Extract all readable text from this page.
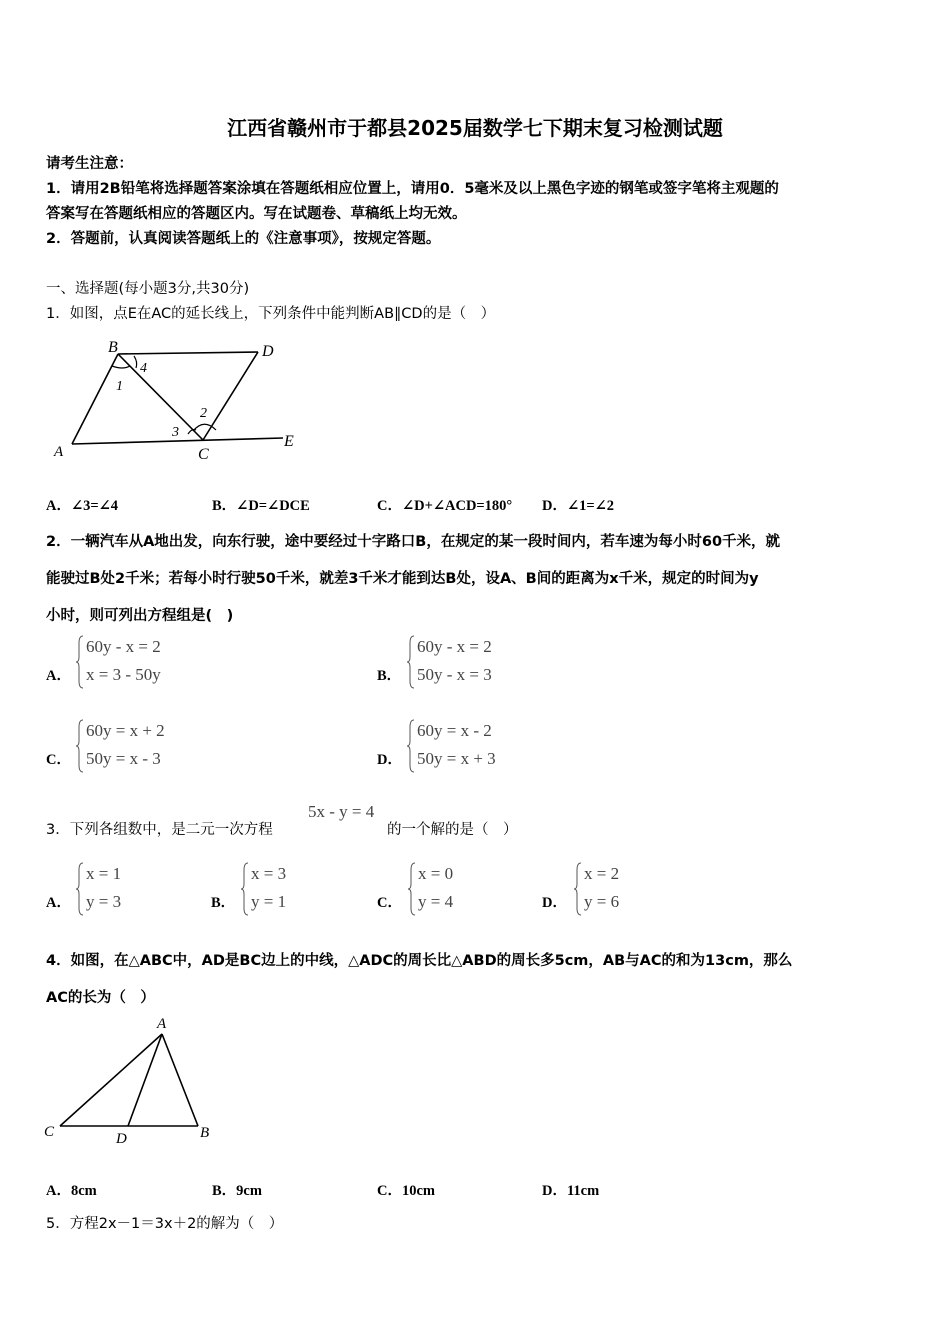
江西省赣州市于都县2025届数学七下期末复习检测试题
请考生注意：
1．请用2B铅笔将选择题答案涂填在答题纸相应位置上，请用0．5毫米及以上黑色字迹的钢笔或签字笔将主观题的
答案写在答题纸相应的答题区内。写在试题卷、草稿纸上均无效。
2．答题前，认真阅读答题纸上的《注意事项》，按规定答题。
一、选择题(每小题3分,共30分)
1．如图，点E在AC的延长线上，下列条件中能判断AB∥CD的是（　）
B	D
A	C
E
1
2
3
4
A．∠3=∠4	B．∠D=∠DCE	C．∠D+∠ACD=180° D．∠1=∠2
2．一辆汽车从A地出发，向东行驶，途中要经过十字路口B，在规定的某一段时间内，若车速为每小时60千米，就
能驶过B处2千米；若每小时行驶50千米，就差3千米才能到达B处，设A、B间的距离为x千米，规定的时间为y
小时，则可列出方程组是(　)
A．
60y - x = 2
x = 3 - 50y	B．
60y - x = 2
50y - x = 3
C．
60y = x + 2
50y = x - 3	D．
60y = x - 2
50y = x + 3
3．下列各组数中，是二元一次方程
5x - y = 4
的一个解的是（　）
A．
x = 1
y = 3	B．
x = 3
y = 1	C．
x = 0
y = 4	D．
x = 2
y = 6
4．如图，在△ABC中，AD是BC边上的中线，△ADC的周长比△ABD的周长多5cm，AB与AC的和为13cm，那么
AC的长为（　）
A
C	D	B
A．8cm	B．9cm	C．10cm	D．11cm
5．方程2x－1＝3x＋2的解为（　）
